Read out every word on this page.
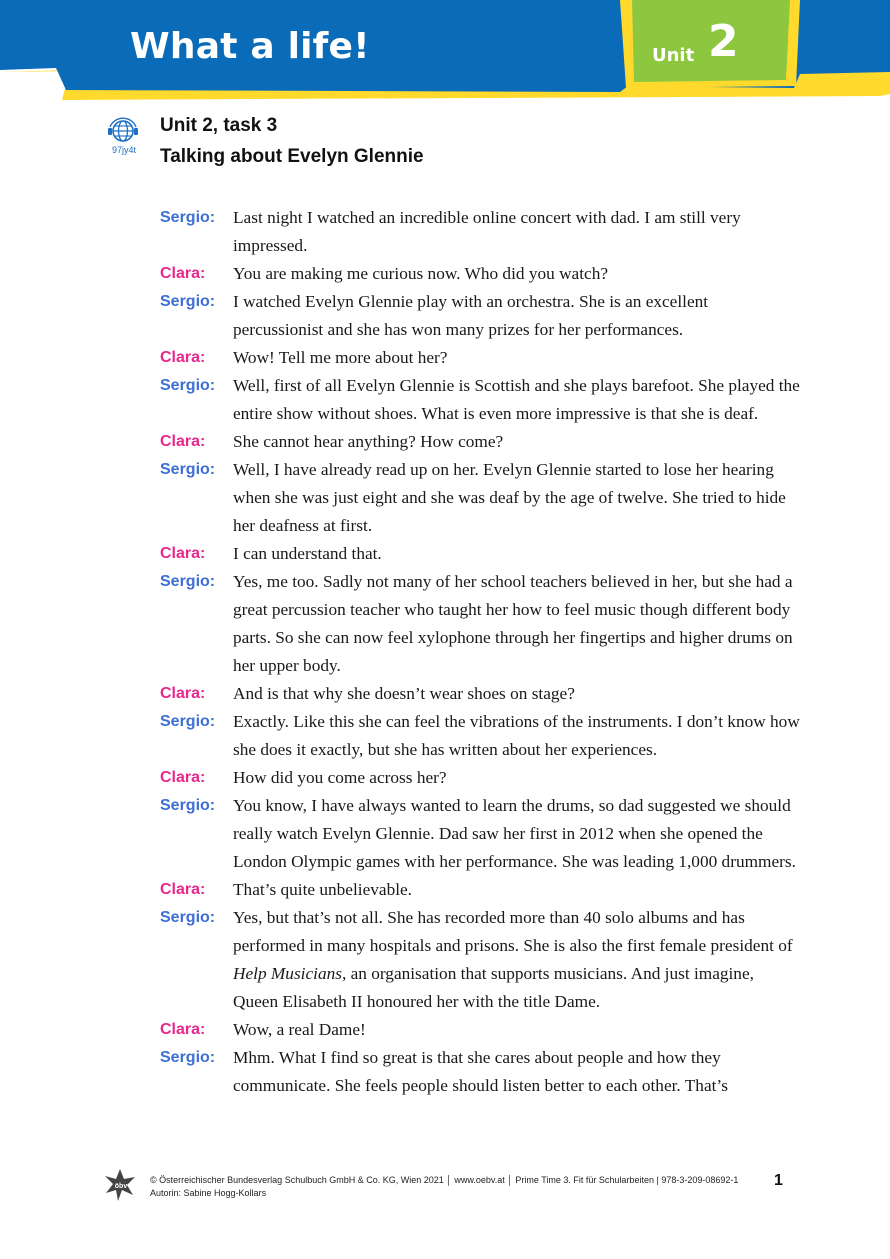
What a life!	Unit 2
97jy4t
Unit 2, task 3
Talking about Evelyn Glennie
Sergio:	Last night I watched an incredible online concert with dad. I am still very impressed.
Clara:	You are making me curious now. Who did you watch?
Sergio:	I watched Evelyn Glennie play with an orchestra. She is an excellent percussionist and she has won many prizes for her performances.
Clara:	Wow! Tell me more about her?
Sergio:	Well, first of all Evelyn Glennie is Scottish and she plays barefoot. She played the entire show without shoes. What is even more impressive is that she is deaf.
Clara:	She cannot hear anything? How come?
Sergio:	Well, I have already read up on her. Evelyn Glennie started to lose her hearing when she was just eight and she was deaf by the age of twelve. She tried to hide her deafness at first.
Clara:	I can understand that.
Sergio:	Yes, me too. Sadly not many of her school teachers believed in her, but she had a great percussion teacher who taught her how to feel music though different body parts. So she can now feel xylophone through her fingertips and higher drums on her upper body.
Clara:	And is that why she doesn’t wear shoes on stage?
Sergio:	Exactly. Like this she can feel the vibrations of the instruments. I don’t know how she does it exactly, but she has written about her experiences.
Clara:	How did you come across her?
Sergio:	You know, I have always wanted to learn the drums, so dad suggested we should really watch Evelyn Glennie. Dad saw her first in 2012 when she opened the London Olympic games with her performance. She was leading 1,000 drummers.
Clara:	That’s quite unbelievable.
Sergio:	Yes, but that’s not all. She has recorded more than 40 solo albums and has performed in many hospitals and prisons. She is also the first female president of Help Musicians, an organisation that supports musicians. And just imagine, Queen Elisabeth II honoured her with the title Dame.
Clara:	Wow, a real Dame!
Sergio:	Mhm. What I find so great is that she cares about people and how they communicate. She feels people should listen better to each other. That’s
öbv
© Österreichischer Bundesverlag Schulbuch GmbH & Co. KG, Wien 2021 │ www.oebv.at │ Prime Time 3. Fit für Schularbeiten | 978-3-209-08692-1
Autorin: Sabine Hogg-Kollars
1
